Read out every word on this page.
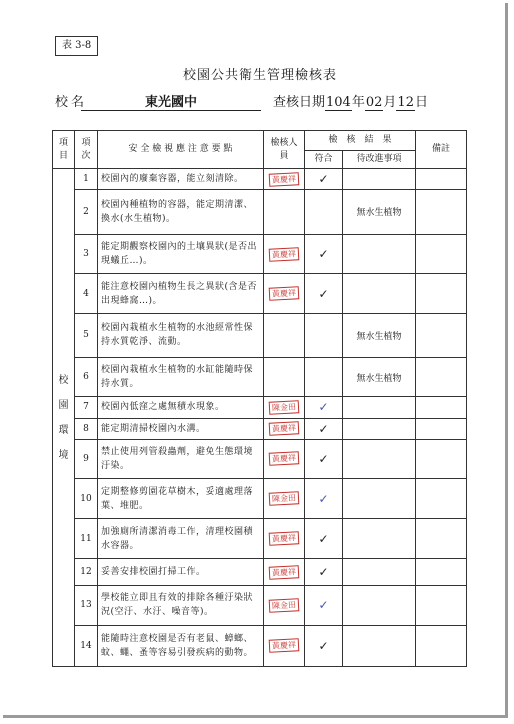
表 3-8
校園公共衛生管理檢核表
校名	東光國中	查核日期104年02月12日
項目	項次	安 全 檢 視 應 注 意 要 點	檢核人員	檢　核　結　果		備註
				符合	待改進事項	
校園環境	1	校園內的廢棄容器，能立刻清除。	黃慶祥	✓		
	2	校園內種植物的容器，能定期清潔、換水(水生植物)。			無水生植物	
	3	能定期觀察校園內的土壤異狀(是否出現蟻丘…)。	黃慶祥	✓		
	4	能注意校園內植物生長之異狀(含是否出現蜂窩…)。	黃慶祥	✓		
	5	校園內栽植水生植物的水池經常性保持水質乾淨、流動。			無水生植物	
	6	校園內栽植水生植物的水缸能隨時保持水質。			無水生植物	
	7	校園內低窪之處無積水現象。	陳金田	✓		
	8	能定期清掃校園內水溝。	黃慶祥	✓		
	9	禁止使用列管殺蟲劑，避免生態環境汙染。	黃慶祥	✓		
	10	定期整修剪園花草樹木，妥適處理落葉、堆肥。	陳金田	✓		
	11	加強廁所清潔消毒工作，清理校園積水容器。	黃慶祥	✓		
	12	妥善安排校園打掃工作。	黃慶祥	✓		
	13	學校能立即且有效的排除各種汙染狀況(空汙、水汙、噪音等)。	陳金田	✓		
	14	能隨時注意校園是否有老鼠、蟑螂、蚊、蠅、蚤等容易引發疾病的動物。	黃慶祥	✓		
